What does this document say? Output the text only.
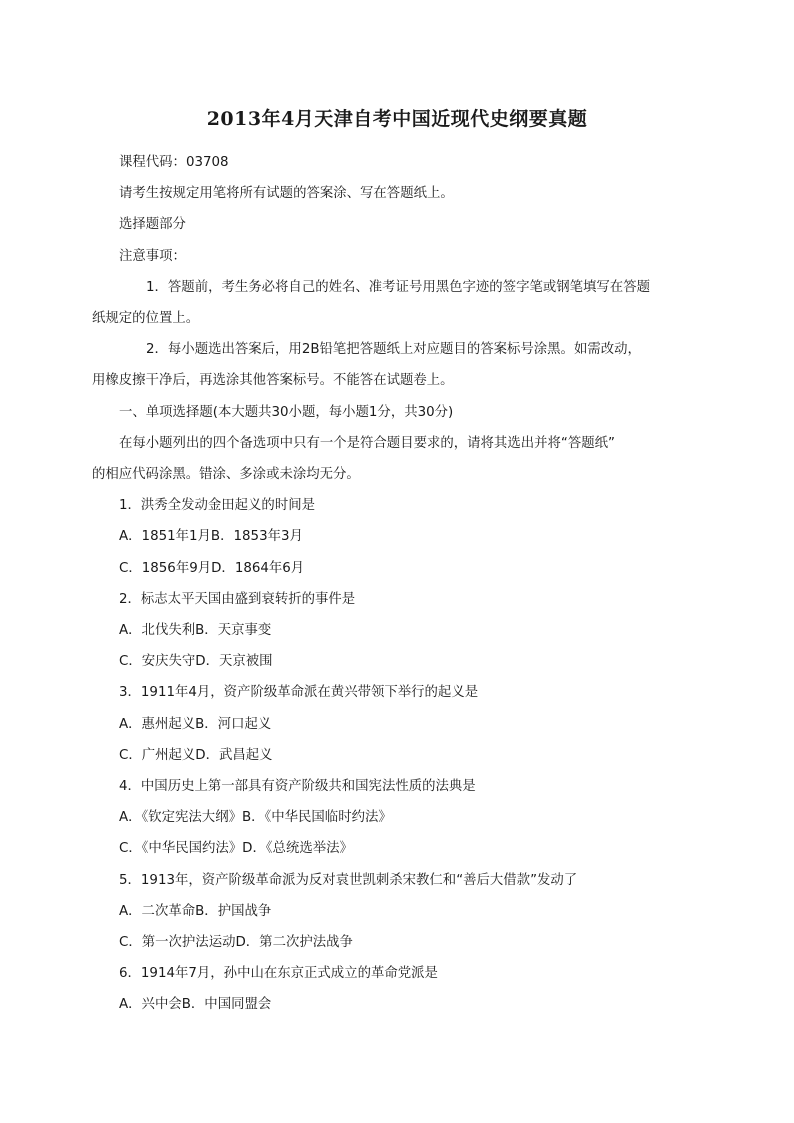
2013年4月天津自考中国近现代史纲要真题

课程代码：03708

请考生按规定用笔将所有试题的答案涂、写在答题纸上。

选择题部分

注意事项：

1．答题前，考生务必将自己的姓名、准考证号用黑色字迹的签字笔或钢笔填写在答题

纸规定的位置上。

2．每小题选出答案后，用2B铅笔把答题纸上对应题目的答案标号涂黑。如需改动，

用橡皮擦干净后，再选涂其他答案标号。不能答在试题卷上。

一、单项选择题(本大题共30小题，每小题1分，共30分)

在每小题列出的四个备选项中只有一个是符合题目要求的，请将其选出并将“答题纸”

的相应代码涂黑。错涂、多涂或未涂均无分。

1．洪秀全发动金田起义的时间是

A．1851年1月B．1853年3月

C．1856年9月D．1864年6月

2．标志太平天国由盛到衰转折的事件是

A．北伐失利B．天京事变

C．安庆失守D．天京被围

3．1911年4月，资产阶级革命派在黄兴带领下举行的起义是

A．惠州起义B．河口起义

C．广州起义D．武昌起义

4．中国历史上第一部具有资产阶级共和国宪法性质的法典是

A．《钦定宪法大纲》B．《中华民国临时约法》

C．《中华民国约法》D．《总统选举法》

5．1913年，资产阶级革命派为反对袁世凯刺杀宋教仁和“善后大借款”发动了

A．二次革命B．护国战争

C．第一次护法运动D．第二次护法战争

6．1914年7月，孙中山在东京正式成立的革命党派是

A．兴中会B．中国同盟会
